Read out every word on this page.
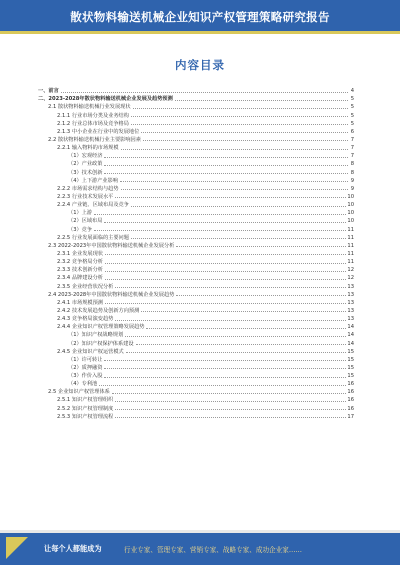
散状物料输送机械企业知识产权管理策略研究报告
内容目录
一、前言	4
二、2023-2028年散状物料输送机械企业发展及趋势预测	5
2.1 散状物料输送机械行业发展现状	5
2.1.1 行业市场分类及业务结构	5
2.1.2 行业总体市场及竞争格局	5
2.1.3 中小企业在行业中的发展地位	6
2.2 散状物料输送机械行业主要影响因素	7
2.2.1 输入物料的市场规模	7
（1）宏观经济	7
（2）产业政策	8
（3）技术创新	8
（4）上下游产业影响	9
2.2.2 市场需求结构与趋势	9
2.2.3 行业技术发展水平	10
2.2.4 产业链、区域布局及竞争	10
（1）上游	10
（2）区域布局	10
（3）竞争	11
2.2.5 行业发展面临的主要问题	11
2.3 2022-2023年中国散状物料输送机械企业发展分析	11
2.3.1 企业发展现状	11
2.3.2 竞争格局分析	11
2.3.3 技术创新分析	12
2.3.4 品牌建设分析	12
2.3.5 企业经营状况分析	13
2.4 2023-2028年中国散状物料输送机械企业发展趋势	13
2.4.1 市场规模预测	13
2.4.2 技术发展趋势及创新方向预测	13
2.4.3 竞争格局演变趋势	13
2.4.4 企业知识产权管理策略发展趋势	14
（1）知识产权战略规划	14
（2）知识产权保护体系建设	14
2.4.5 企业知识产权运营模式	15
（1）许可转让	15
（2）质押融资	15
（3）作价入股	15
（4）专利池	16
2.5 企业知识产权管理体系	16
2.5.1 知识产权管理组织	16
2.5.2 知识产权管理制度	16
2.5.3 知识产权管理流程	17
让每个人都能成为	行业专家、管理专家、营销专家、战略专家、成功企业家……
